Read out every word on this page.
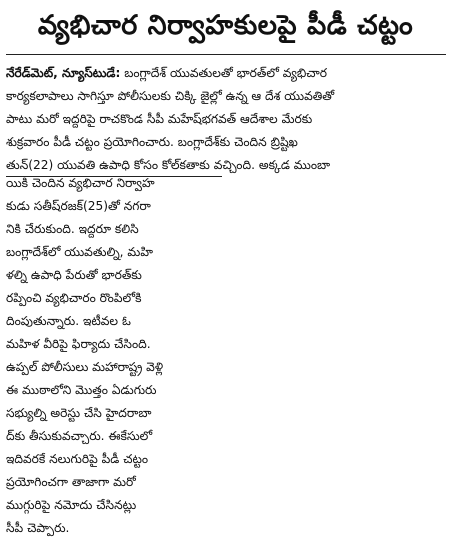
వ్యభిచార నిర్వాహకులపై పీడీ చట్టం
నేరేడ్‌మెట్, న్యూస్‌టుడే: బంగ్లాదేశ్ యువతులతో భారత్‌లో వ్యభిచార
కార్యకలాపాలు సాగిస్తూ పోలీసులకు చిక్కి జైల్లో ఉన్న ఆ దేశ యువతితో
పాటు మరో ఇద్దరిపై రాచకొండ సీపీ మహేష్‌భగవత్ ఆదేశాల మేరకు
శుక్రవారం పీడీ చట్టం ప్రయోగించారు. బంగ్లాదేశ్‌కు చెందిన బ్రిష్టిఖ
తున్(22) యువతి ఉపాధి కోసం కోల్‌కతాకు వచ్చింది. అక్కడ ముంబా
యికి చెందిన వ్యభిచార నిర్వాహ
కుడు సతీష్‌రజక్(25)తో నగరా
నికి చేరుకుంది. ఇద్దరూ కలిసి
బంగ్లాదేశ్‌లో యువతుల్ని, మహి
ళల్ని ఉపాధి పేరుతో భారత్‌కు
రప్పించి వ్యభిచారం రొంపిలోకి
దింపుతున్నారు. ఇటీవల ఓ
మహిళ వీరిపై ఫిర్యాదు చేసింది.
ఉప్పల్ పోలీసులు మహారాష్ట్ర వెళ్లి
ఈ ముఠాలోని మొత్తం ఏడుగురు
సభ్యుల్ని అరెస్టు చేసి హైదరాబా
ద్‌కు తీసుకువచ్చారు. ఈకేసులో
ఇదివరకే నలుగురిపై పీడీ చట్టం
ప్రయోగించగా తాజాగా మరో
ముగ్గురిపై నమోదు చేసినట్లు
సీపీ చెప్పారు.
